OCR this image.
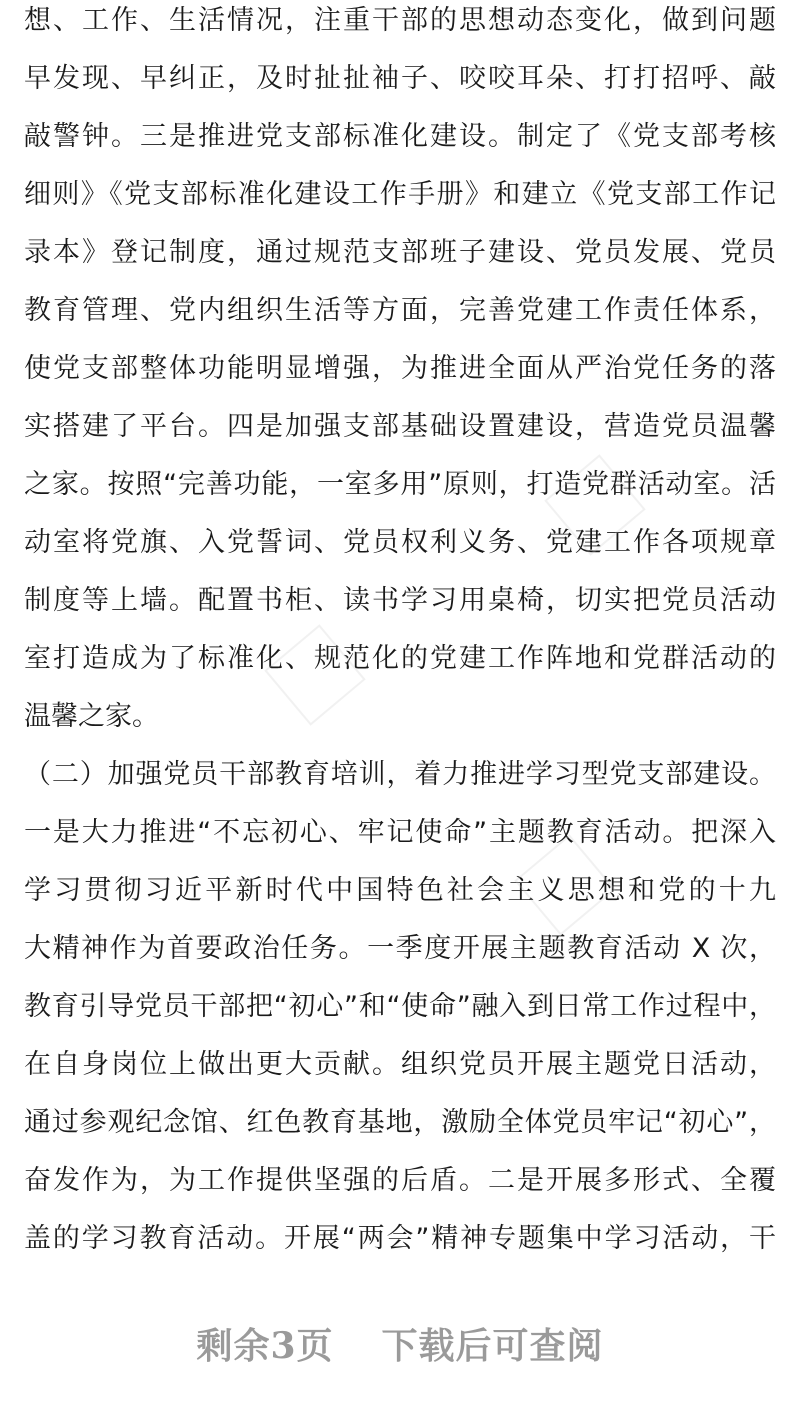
想、工作、生活情况，注重干部的思想动态变化，做到问题
早发现、早纠正，及时扯扯袖子、咬咬耳朵、打打招呼、敲
敲警钟。三是推进党支部标准化建设。制定了《党支部考核
细则》《党支部标准化建设工作手册》和建立《党支部工作记
录本》登记制度，通过规范支部班子建设、党员发展、党员
教育管理、党内组织生活等方面，完善党建工作责任体系，
使党支部整体功能明显增强，为推进全面从严治党任务的落
实搭建了平台。四是加强支部基础设置建设，营造党员温馨
之家。按照“完善功能，一室多用”原则，打造党群活动室。活
动室将党旗、入党誓词、党员权利义务、党建工作各项规章
制度等上墙。配置书柜、读书学习用桌椅，切实把党员活动
室打造成为了标准化、规范化的党建工作阵地和党群活动的
温馨之家。
（二）加强党员干部教育培训，着力推进学习型党支部建设。
一是大力推进“不忘初心、牢记使命”主题教育活动。把深入
学习贯彻习近平新时代中国特色社会主义思想和党的十九
大精神作为首要政治任务。一季度开展主题教育活动 X 次，
教育引导党员干部把“初心”和“使命”融入到日常工作过程中，
在自身岗位上做出更大贡献。组织党员开展主题党日活动，
通过参观纪念馆、红色教育基地，激励全体党员牢记“初心”，
奋发作为，为工作提供坚强的后盾。二是开展多形式、全覆
盖的学习教育活动。开展“两会”精神专题集中学习活动，干
剩余3页 下载后可查阅
